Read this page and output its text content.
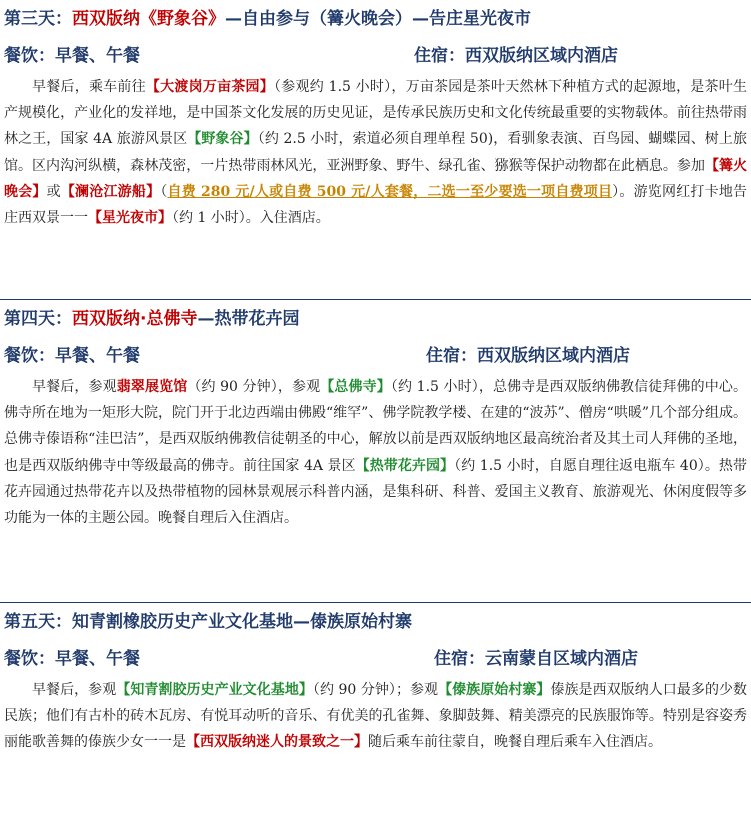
第三天：西双版纳《野象谷》—自由参与（篝火晚会）—告庄星光夜市
餐饮：早餐、午餐	住宿：西双版纳区域内酒店

早餐后，乘车前往【大渡岗万亩茶园】（参观约 1.5 小时），万亩茶园是茶叶天然林下种植方式的起源地，是茶叶生产规模化，产业化的发祥地，是中国茶文化发展的历史见证，是传承民族历史和文化传统最重要的实物载体。前往热带雨林之王，国家 4A 旅游风景区【野象谷】（约 2.5 小时，索道必须自理单程 50)，看驯象表演、百鸟园、蝴蝶园、树上旅馆。区内沟河纵横，森林茂密，一片热带雨林风光，亚洲野象、野牛、绿孔雀、猕猴等保护动物都在此栖息。参加【篝火晚会】或【澜沧江游船】（自费 280 元/人或自费 500 元/人套餐，二选一至少要选一项自费项目）。游览网红打卡地告庄西双景一一【星光夜市】（约 1 小时）。入住酒店。

第四天：西双版纳·总佛寺—热带花卉园
餐饮：早餐、午餐	住宿：西双版纳区域内酒店

早餐后，参观翡翠展览馆（约 90 分钟），参观【总佛寺】（约 1.5 小时），总佛寺是西双版纳佛教信徒拜佛的中心。佛寺所在地为一矩形大院，院门开于北边西端由佛殿“维罕”、佛学院教学楼、在建的“波苏”、僧房“哄暖”几个部分组成。总佛寺傣语称“洼巴洁”，是西双版纳佛教信徒朝圣的中心，解放以前是西双版纳地区最高统治者及其土司人拜佛的圣地，也是西双版纳佛寺中等级最高的佛寺。前往国家 4A 景区【热带花卉园】（约 1.5 小时，自愿自理往返电瓶车 40）。热带花卉园通过热带花卉以及热带植物的园林景观展示科普内涵，是集科研、科普、爱国主义教育、旅游观光、休闲度假等多功能为一体的主题公园。晚餐自理后入住酒店。

第五天：知青割橡胶历史产业文化基地—傣族原始村寨
餐饮：早餐、午餐	住宿：云南蒙自区域内酒店

早餐后，参观【知青割胶历史产业文化基地】（约 90 分钟）；参观【傣族原始村寨】傣族是西双版纳人口最多的少数民族；他们有古朴的砖木瓦房、有悦耳动听的音乐、有优美的孔雀舞、象脚鼓舞、精美漂亮的民族服饰等。特别是容姿秀丽能歌善舞的傣族少女一一是【西双版纳迷人的景致之一】随后乘车前往蒙自，晚餐自理后乘车入住酒店。
